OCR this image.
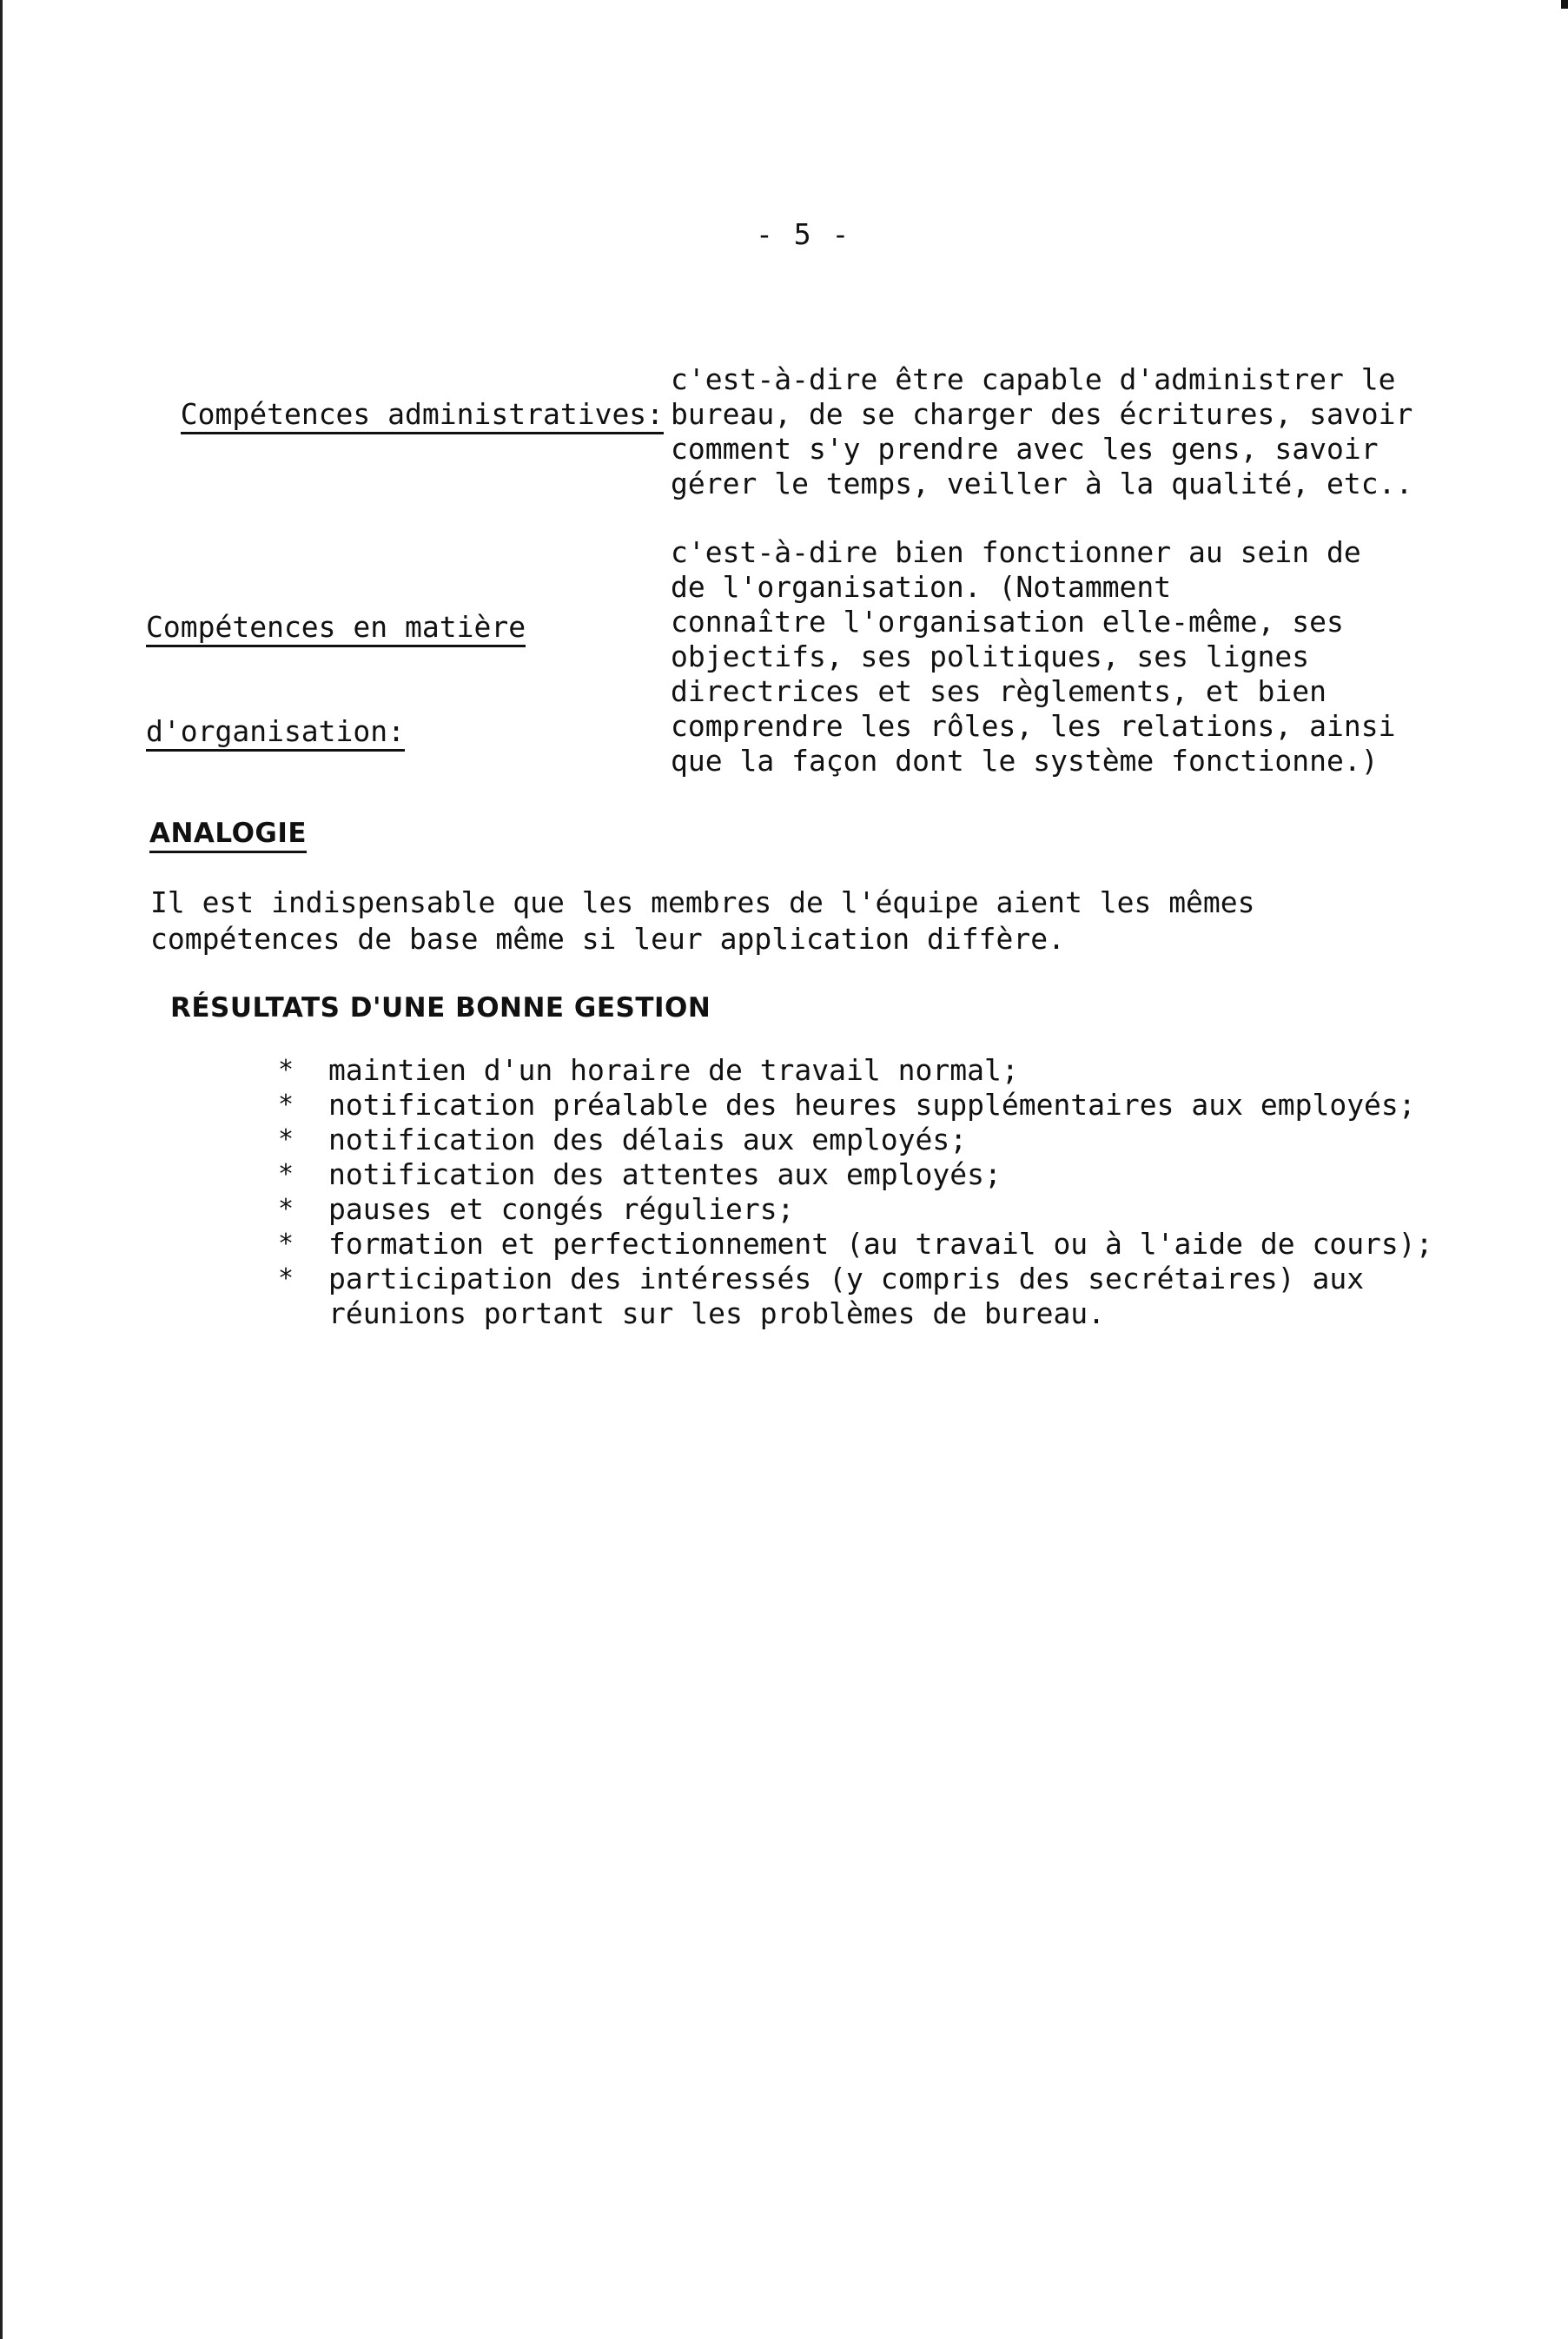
- 5 -

Compétences administratives:

c'est-à-dire être capable d'administrer le
bureau, de se charger des écritures, savoir
comment s'y prendre avec les gens, savoir
gérer le temps, veiller à la qualité, etc..

Compétences en matière

d'organisation:

c'est-à-dire bien fonctionner au sein de
de l'organisation. (Notamment
connaître l'organisation elle-même, ses
objectifs, ses politiques, ses lignes
directrices et ses règlements, et bien
comprendre les rôles, les relations, ainsi
que la façon dont le système fonctionne.)
ANALOGIE
Il est indispensable que les membres de l'équipe aient les mêmes
compétences de base même si leur application diffère.
RÉSULTATS D'UNE BONNE GESTION
*	maintien d'un horaire de travail normal;
*	notification préalable des heures supplémentaires aux employés;
*	notification des délais aux employés;
*	notification des attentes aux employés;
*	pauses et congés réguliers;
*	formation et perfectionnement (au travail ou à l'aide de cours);
*	participation des intéressés (y compris des secrétaires) aux
réunions portant sur les problèmes de bureau.
